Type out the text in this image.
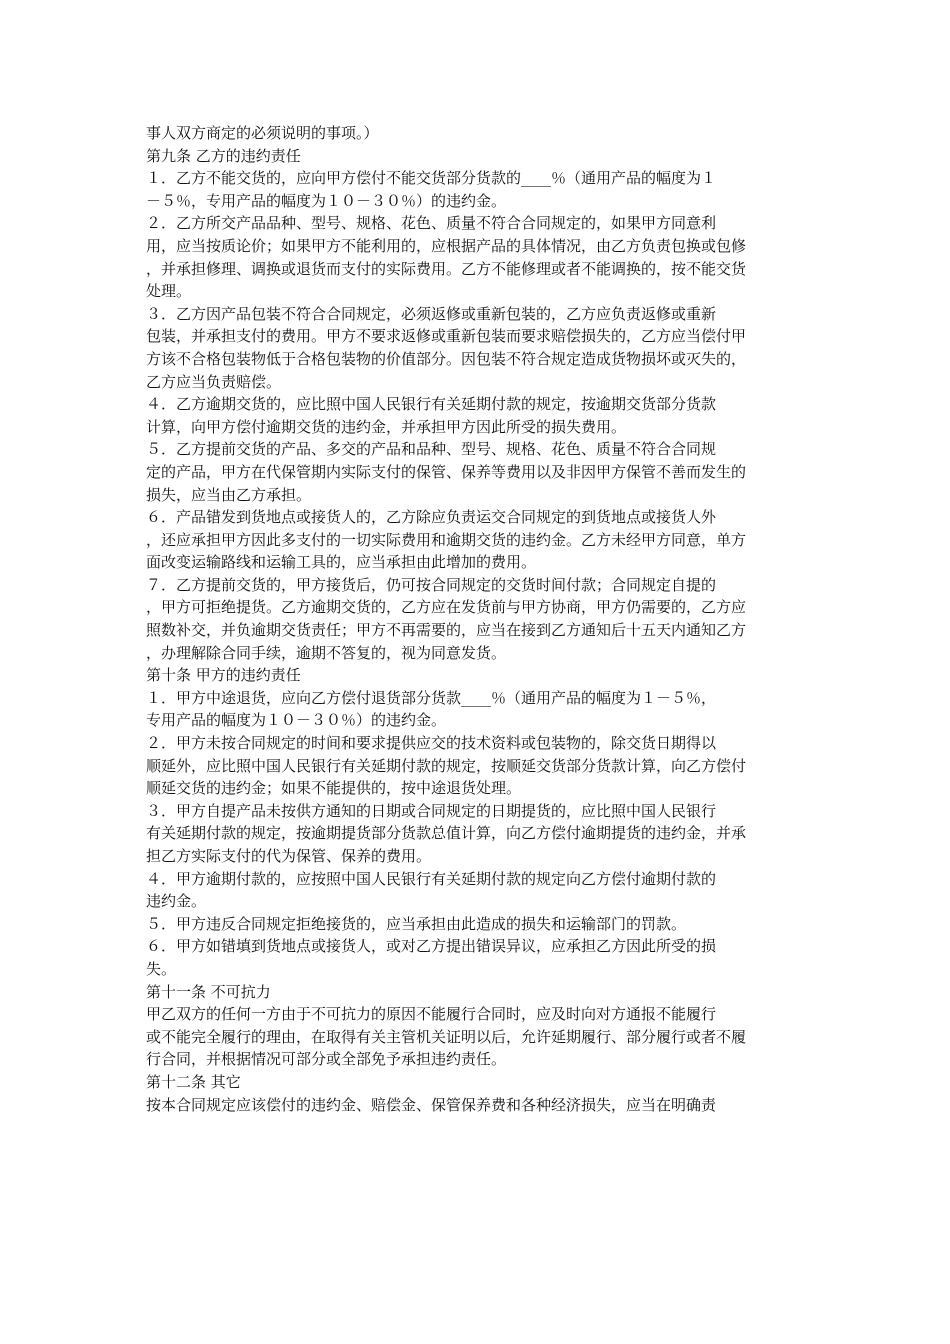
事人双方商定的必须说明的事项。）
第九条 乙方的违约责任
１．乙方不能交货的，应向甲方偿付不能交货部分货款的____％（通用产品的幅度为１
－５％，专用产品的幅度为１０－３０％）的违约金。
２．乙方所交产品品种、型号、规格、花色、质量不符合合同规定的，如果甲方同意利
用，应当按质论价；如果甲方不能利用的，应根据产品的具体情况，由乙方负责包换或包修
，并承担修理、调换或退货而支付的实际费用。乙方不能修理或者不能调换的，按不能交货
处理。
３．乙方因产品包装不符合合同规定，必须返修或重新包装的，乙方应负责返修或重新
包装，并承担支付的费用。甲方不要求返修或重新包装而要求赔偿损失的，乙方应当偿付甲
方该不合格包装物低于合格包装物的价值部分。因包装不符合规定造成货物损坏或灭失的，
乙方应当负责赔偿。
４．乙方逾期交货的，应比照中国人民银行有关延期付款的规定，按逾期交货部分货款
计算，向甲方偿付逾期交货的违约金，并承担甲方因此所受的损失费用。
５．乙方提前交货的产品、多交的产品和品种、型号、规格、花色、质量不符合合同规
定的产品，甲方在代保管期内实际支付的保管、保养等费用以及非因甲方保管不善而发生的
损失，应当由乙方承担。
６．产品错发到货地点或接货人的，乙方除应负责运交合同规定的到货地点或接货人外
，还应承担甲方因此多支付的一切实际费用和逾期交货的违约金。乙方未经甲方同意，单方
面改变运输路线和运输工具的，应当承担由此增加的费用。
７．乙方提前交货的，甲方接货后，仍可按合同规定的交货时间付款；合同规定自提的
，甲方可拒绝提货。乙方逾期交货的，乙方应在发货前与甲方协商，甲方仍需要的，乙方应
照数补交，并负逾期交货责任；甲方不再需要的，应当在接到乙方通知后十五天内通知乙方
，办理解除合同手续，逾期不答复的，视为同意发货。
第十条 甲方的违约责任
１．甲方中途退货，应向乙方偿付退货部分货款____％（通用产品的幅度为１－５％，
专用产品的幅度为１０－３０％）的违约金。
２．甲方未按合同规定的时间和要求提供应交的技术资料或包装物的，除交货日期得以
顺延外，应比照中国人民银行有关延期付款的规定，按顺延交货部分货款计算，向乙方偿付
顺延交货的违约金；如果不能提供的，按中途退货处理。
３．甲方自提产品未按供方通知的日期或合同规定的日期提货的，应比照中国人民银行
有关延期付款的规定，按逾期提货部分货款总值计算，向乙方偿付逾期提货的违约金，并承
担乙方实际支付的代为保管、保养的费用。
４．甲方逾期付款的，应按照中国人民银行有关延期付款的规定向乙方偿付逾期付款的
违约金。
５．甲方违反合同规定拒绝接货的，应当承担由此造成的损失和运输部门的罚款。
６．甲方如错填到货地点或接货人，或对乙方提出错误异议，应承担乙方因此所受的损
失。
第十一条 不可抗力
甲乙双方的任何一方由于不可抗力的原因不能履行合同时，应及时向对方通报不能履行
或不能完全履行的理由，在取得有关主管机关证明以后，允许延期履行、部分履行或者不履
行合同，并根据情况可部分或全部免予承担违约责任。
第十二条 其它
按本合同规定应该偿付的违约金、赔偿金、保管保养费和各种经济损失，应当在明确责
